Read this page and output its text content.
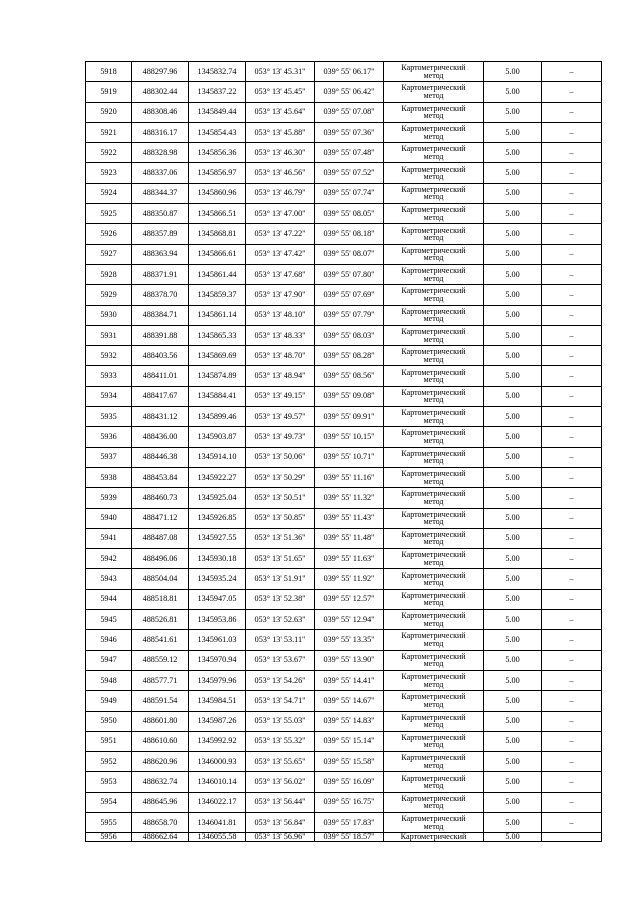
5918	488297.96	1345832.74	053° 13' 45.31"	039° 55' 06.17"	Картометрический
метод	5.00	–
5919	488302.44	1345837.22	053° 13' 45.45"	039° 55' 06.42"	Картометрический
метод	5.00	–
5920	488308.46	1345849.44	053° 13' 45.64"	039° 55' 07.08"	Картометрический
метод	5.00	–
5921	488316.17	1345854.43	053° 13' 45.88"	039° 55' 07.36"	Картометрический
метод	5.00	–
5922	488328.98	1345856.36	053° 13' 46.30"	039° 55' 07.48"	Картометрический
метод	5.00	–
5923	488337.06	1345856.97	053° 13' 46.56"	039° 55' 07.52"	Картометрический
метод	5.00	–
5924	488344.37	1345860.96	053° 13' 46.79"	039° 55' 07.74"	Картометрический
метод	5.00	–
5925	488350.87	1345866.51	053° 13' 47.00"	039° 55' 08.05"	Картометрический
метод	5.00	–
5926	488357.89	1345868.81	053° 13' 47.22"	039° 55' 08.18"	Картометрический
метод	5.00	–
5927	488363.94	1345866.61	053° 13' 47.42"	039° 55' 08.07"	Картометрический
метод	5.00	–
5928	488371.91	1345861.44	053° 13' 47.68"	039° 55' 07.80"	Картометрический
метод	5.00	–
5929	488378.70	1345859.37	053° 13' 47.90"	039° 55' 07.69"	Картометрический
метод	5.00	–
5930	488384.71	1345861.14	053° 13' 48.10"	039° 55' 07.79"	Картометрический
метод	5.00	–
5931	488391.88	1345865.33	053° 13' 48.33"	039° 55' 08.03"	Картометрический
метод	5.00	–
5932	488403.56	1345869.69	053° 13' 48.70"	039° 55' 08.28"	Картометрический
метод	5.00	–
5933	488411.01	1345874.89	053° 13' 48.94"	039° 55' 08.56"	Картометрический
метод	5.00	–
5934	488417.67	1345884.41	053° 13' 49.15"	039° 55' 09.08"	Картометрический
метод	5.00	–
5935	488431.12	1345899.46	053° 13' 49.57"	039° 55' 09.91"	Картометрический
метод	5.00	–
5936	488436.00	1345903.87	053° 13' 49.73"	039° 55' 10.15"	Картометрический
метод	5.00	–
5937	488446.38	1345914.10	053° 13' 50.06"	039° 55' 10.71"	Картометрический
метод	5.00	–
5938	488453.84	1345922.27	053° 13' 50.29"	039° 55' 11.16"	Картометрический
метод	5.00	–
5939	488460.73	1345925.04	053° 13' 50.51"	039° 55' 11.32"	Картометрический
метод	5.00	–
5940	488471.12	1345926.85	053° 13' 50.85"	039° 55' 11.43"	Картометрический
метод	5.00	–
5941	488487.08	1345927.55	053° 13' 51.36"	039° 55' 11.48"	Картометрический
метод	5.00	–
5942	488496.06	1345930.18	053° 13' 51.65"	039° 55' 11.63"	Картометрический
метод	5.00	–
5943	488504.04	1345935.24	053° 13' 51.91"	039° 55' 11.92"	Картометрический
метод	5.00	–
5944	488518.81	1345947.05	053° 13' 52.38"	039° 55' 12.57"	Картометрический
метод	5.00	–
5945	488526.81	1345953.86	053° 13' 52.63"	039° 55' 12.94"	Картометрический
метод	5.00	–
5946	488541.61	1345961.03	053° 13' 53.11"	039° 55' 13.35"	Картометрический
метод	5.00	–
5947	488559.12	1345970.94	053° 13' 53.67"	039° 55' 13.90"	Картометрический
метод	5.00	–
5948	488577.71	1345979.96	053° 13' 54.26"	039° 55' 14.41"	Картометрический
метод	5.00	–
5949	488591.54	1345984.51	053° 13' 54.71"	039° 55' 14.67"	Картометрический
метод	5.00	–
5950	488601.80	1345987.26	053° 13' 55.03"	039° 55' 14.83"	Картометрический
метод	5.00	–
5951	488610.60	1345992.92	053° 13' 55.32"	039° 55' 15.14"	Картометрический
метод	5.00	–
5952	488620.96	1346000.93	053° 13' 55.65"	039° 55' 15.58"	Картометрический
метод	5.00	–
5953	488632.74	1346010.14	053° 13' 56.02"	039° 55' 16.09"	Картометрический
метод	5.00	–
5954	488645.96	1346022.17	053° 13' 56.44"	039° 55' 16.75"	Картометрический
метод	5.00	–
5955	488658.70	1346041.81	053° 13' 56.84"	039° 55' 17.83"	Картометрический
метод	5.00	–
5956	488662.64	1346055.58	053° 13' 56.96"	039° 55' 18.57"	Картометрический	5.00	
